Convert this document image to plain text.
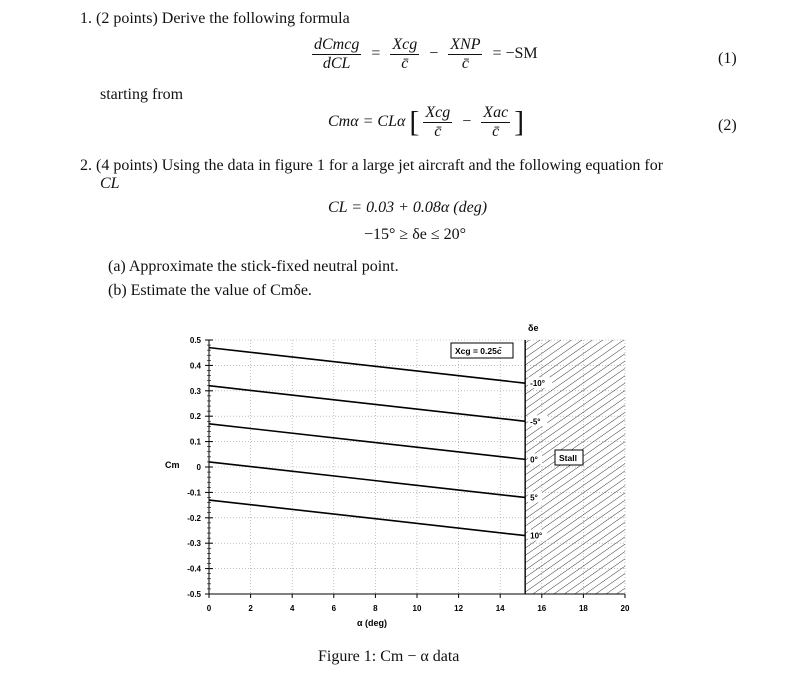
1. (2 points) Derive the following formula
$\frac{\text{dCmcg}}{\text{dCL}} = \frac{\text{Xcg}}{c̄} - \frac{\text{XNP}}{c̄} = -SM$	(1)
starting from
Cmα = CLα [ $\frac{\text{Xcg}}{c̄} - \frac{\text{Xac}}{c̄}$ ]	(2)
2. (4 points) Using the data in figure 1 for a large jet aircraft and the following equation for
CL
CL = 0.03 + 0.08α (deg)
−15° ≥ δe ≤ 20°
(a) Approximate the stick-fixed neutral point.
(b) Estimate the value of Cmδe.
0.5
0.4
0.3
0.2
0.1
0
-0.1
-0.2
-0.3
-0.4
-0.5
0	2	4	6	8	10	12	14	16	18	20
-10°
-5°
0°
5°
10°
α (deg)
Cm
δe
Xcg = 0.25c̄
Stall
Figure 1: Cm − α data
